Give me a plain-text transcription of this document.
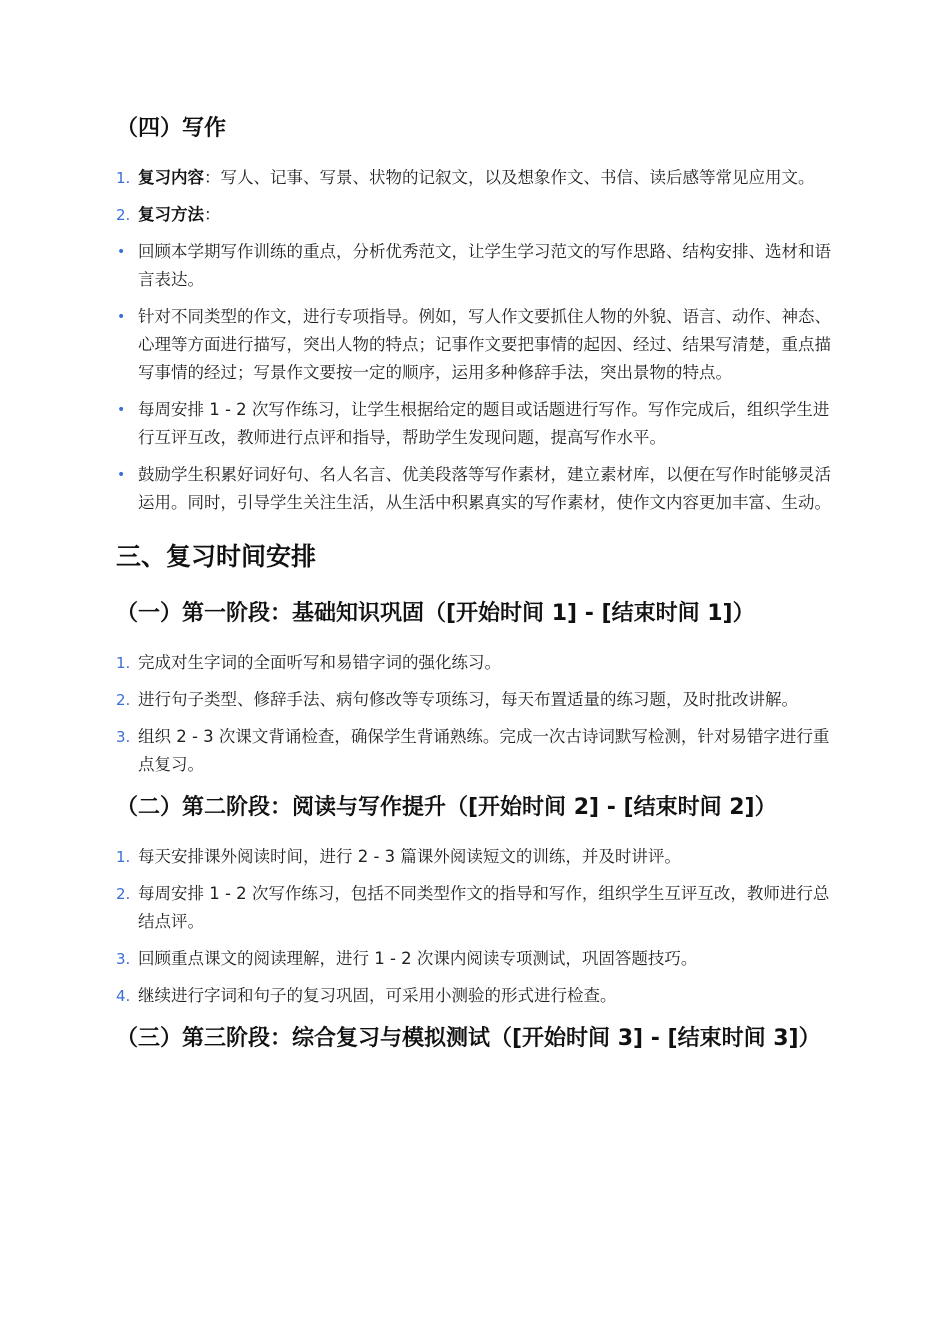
（四）写作
1. 复习内容：写人、记事、写景、状物的记叙文，以及想象作文、书信、读后感等常见应用文。
2. 复习方法：
• 回顾本学期写作训练的重点，分析优秀范文，让学生学习范文的写作思路、结构安排、选材和语言表达。
• 针对不同类型的作文，进行专项指导。例如，写人作文要抓住人物的外貌、语言、动作、神态、心理等方面进行描写，突出人物的特点；记事作文要把事情的起因、经过、结果写清楚，重点描写事情的经过；写景作文要按一定的顺序，运用多种修辞手法，突出景物的特点。
• 每周安排 1 - 2 次写作练习，让学生根据给定的题目或话题进行写作。写作完成后，组织学生进行互评互改，教师进行点评和指导，帮助学生发现问题，提高写作水平。
• 鼓励学生积累好词好句、名人名言、优美段落等写作素材，建立素材库，以便在写作时能够灵活运用。同时，引导学生关注生活，从生活中积累真实的写作素材，使作文内容更加丰富、生动。
三、复习时间安排
（一）第一阶段：基础知识巩固（[开始时间 1] - [结束时间 1]）
1. 完成对生字词的全面听写和易错字词的强化练习。
2. 进行句子类型、修辞手法、病句修改等专项练习，每天布置适量的练习题，及时批改讲解。
3. 组织 2 - 3 次课文背诵检查，确保学生背诵熟练。完成一次古诗词默写检测，针对易错字进行重点复习。
（二）第二阶段：阅读与写作提升（[开始时间 2] - [结束时间 2]）
1. 每天安排课外阅读时间，进行 2 - 3 篇课外阅读短文的训练，并及时讲评。
2. 每周安排 1 - 2 次写作练习，包括不同类型作文的指导和写作，组织学生互评互改，教师进行总结点评。
3. 回顾重点课文的阅读理解，进行 1 - 2 次课内阅读专项测试，巩固答题技巧。
4. 继续进行字词和句子的复习巩固，可采用小测验的形式进行检查。
（三）第三阶段：综合复习与模拟测试（[开始时间 3] - [结束时间 3]）
